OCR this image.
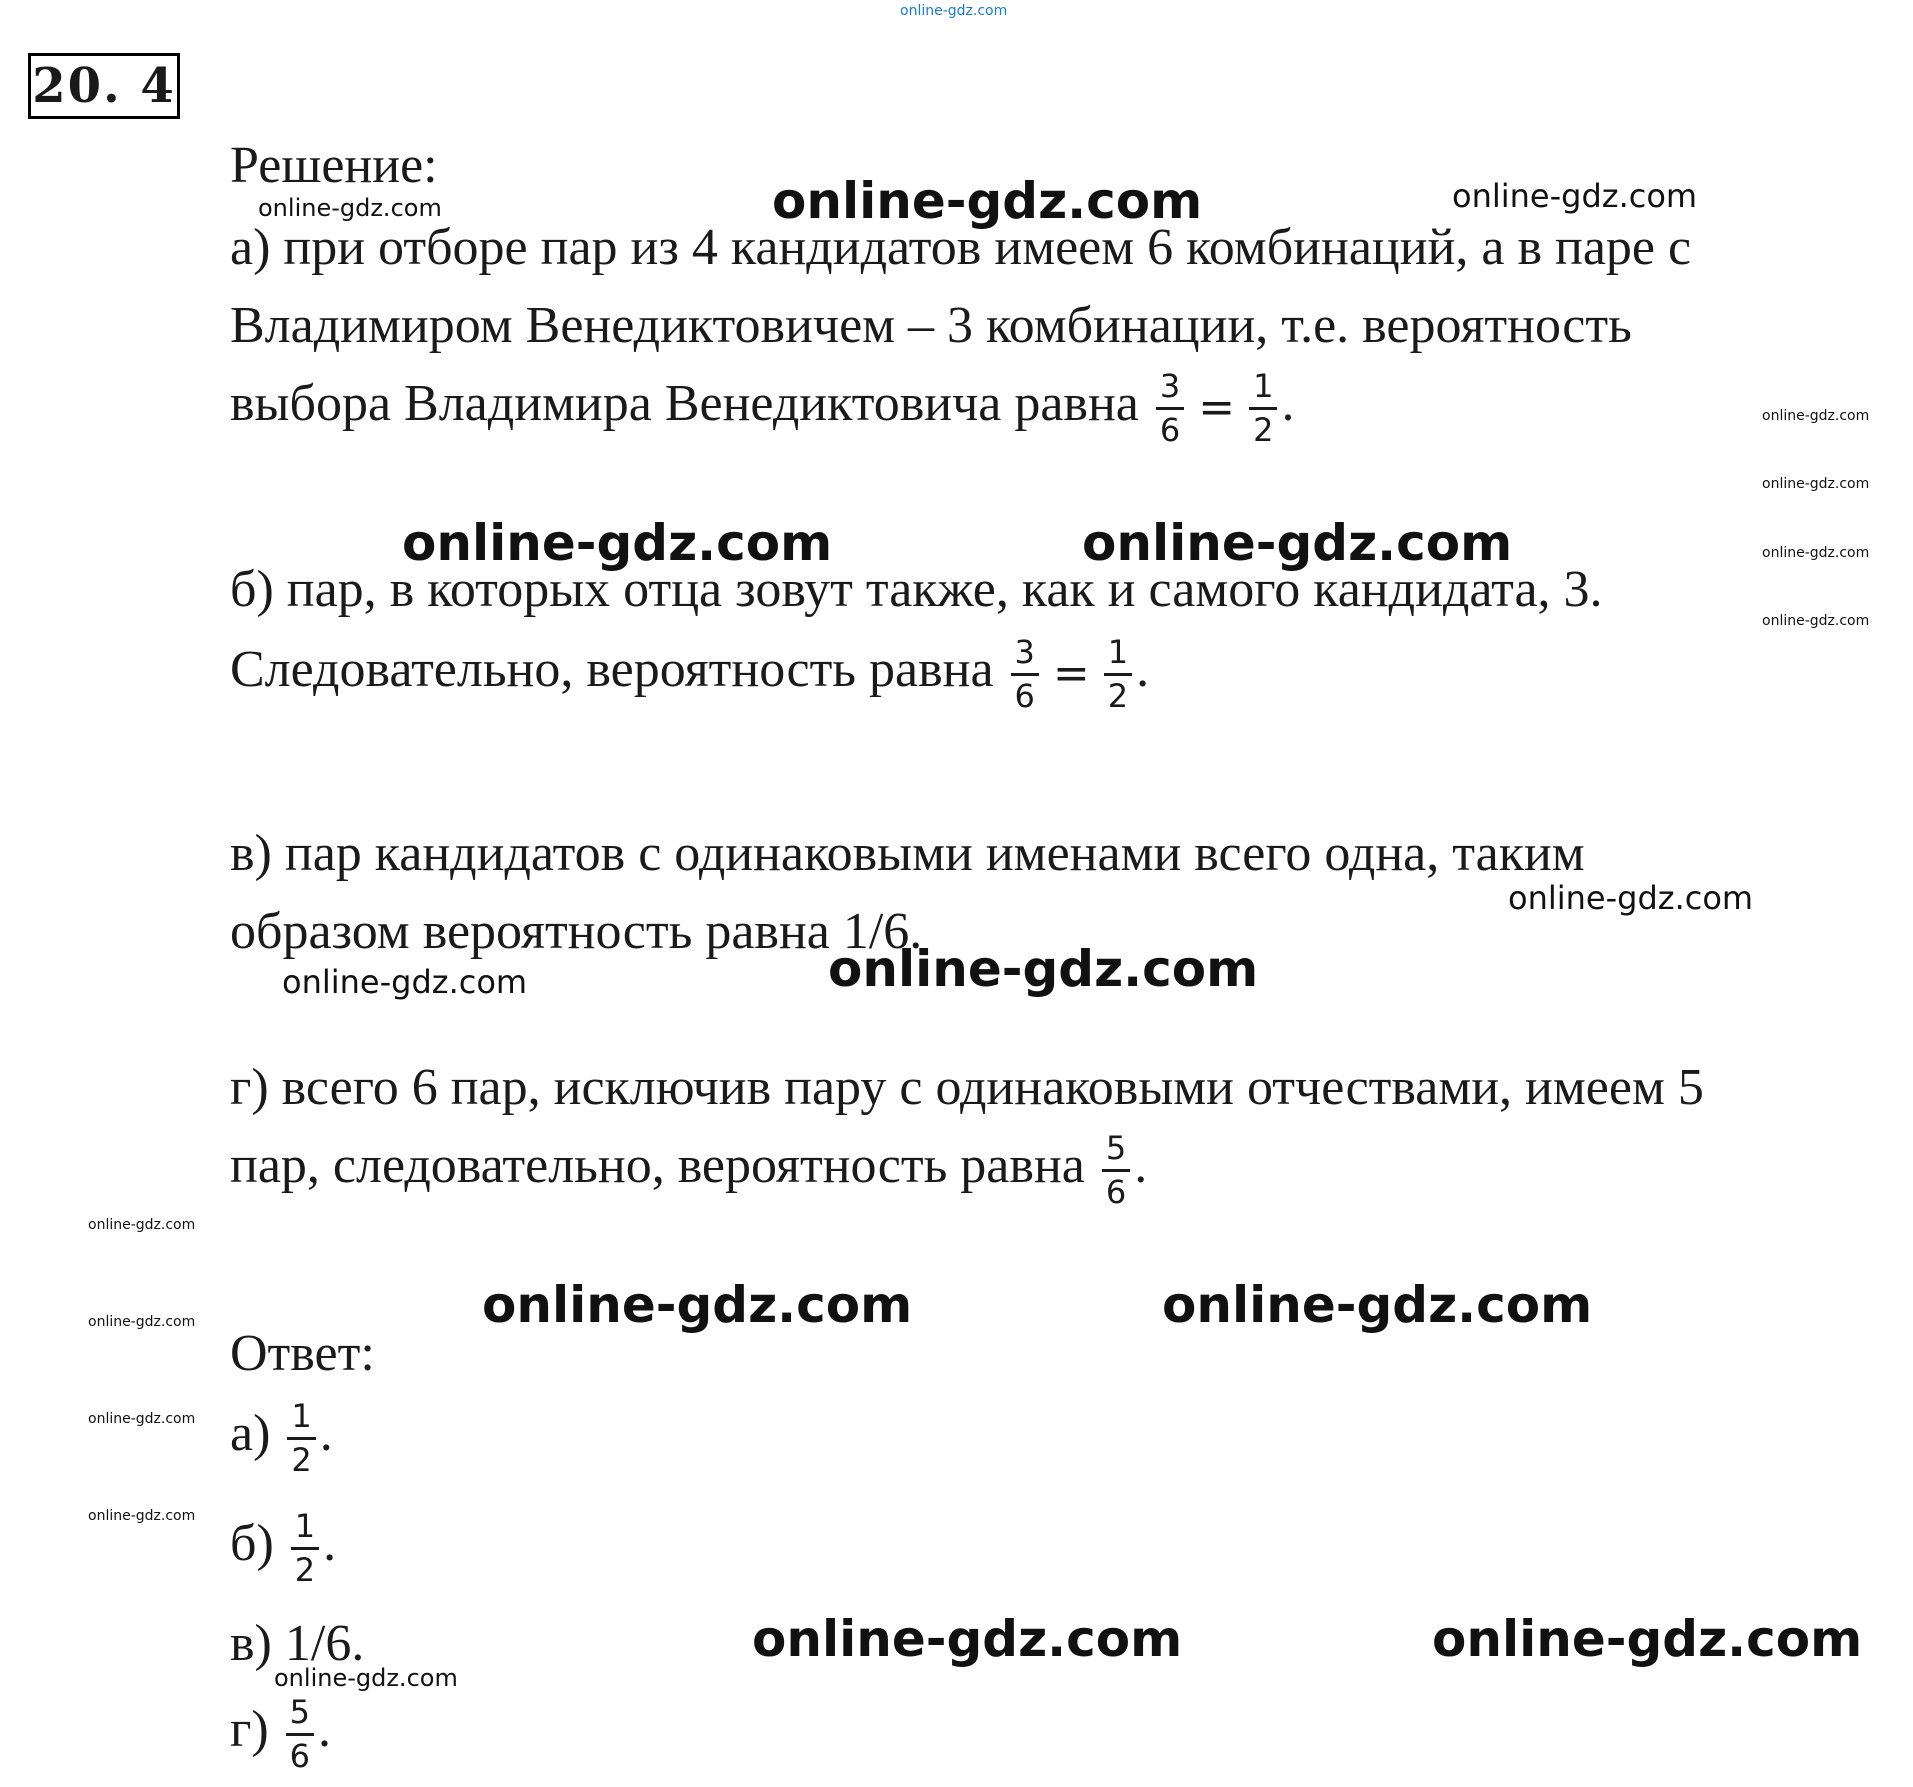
20. 4
Решение:
а) при отборе пар из 4 кандидатов имеем 6 комбинаций, а в паре с
Владимиром Венедиктовичем – 3 комбинации, т.е. вероятность
выбора Владимира Венедиктовича равна $\frac{3}{6} = \frac{1}{2}$ .
б) пар, в которых отца зовут также, как и самого кандидата, 3.
Следовательно, вероятность равна $\frac{3}{6} = \frac{1}{2}$ .
в) пар кандидатов с одинаковыми именами всего одна, таким
образом вероятность равна 1/6.
г) всего 6 пар, исключив пару с одинаковыми отчествами, имеем 5
пар, следовательно, вероятность равна $\frac{5}{6}$ .
Ответ:
$а) \frac{1}{2}$ .
$б) \frac{1}{2}$ .
в) 1/6.
$г) \frac{5}{6}$ .
online-gdz.com
online-gdz.com
online-gdz.com	online-gdz.com
online-gdz.com
online-gdz.com
online-gdz.com
online-gdz.com
online-gdz.com	online-gdz.com
online-gdz.com
online-gdz.com	online-gdz.com
online-gdz.com
online-gdz.com
online-gdz.com
online-gdz.com
online-gdz.com	online-gdz.com
online-gdz.com	online-gdz.com
online-gdz.com
